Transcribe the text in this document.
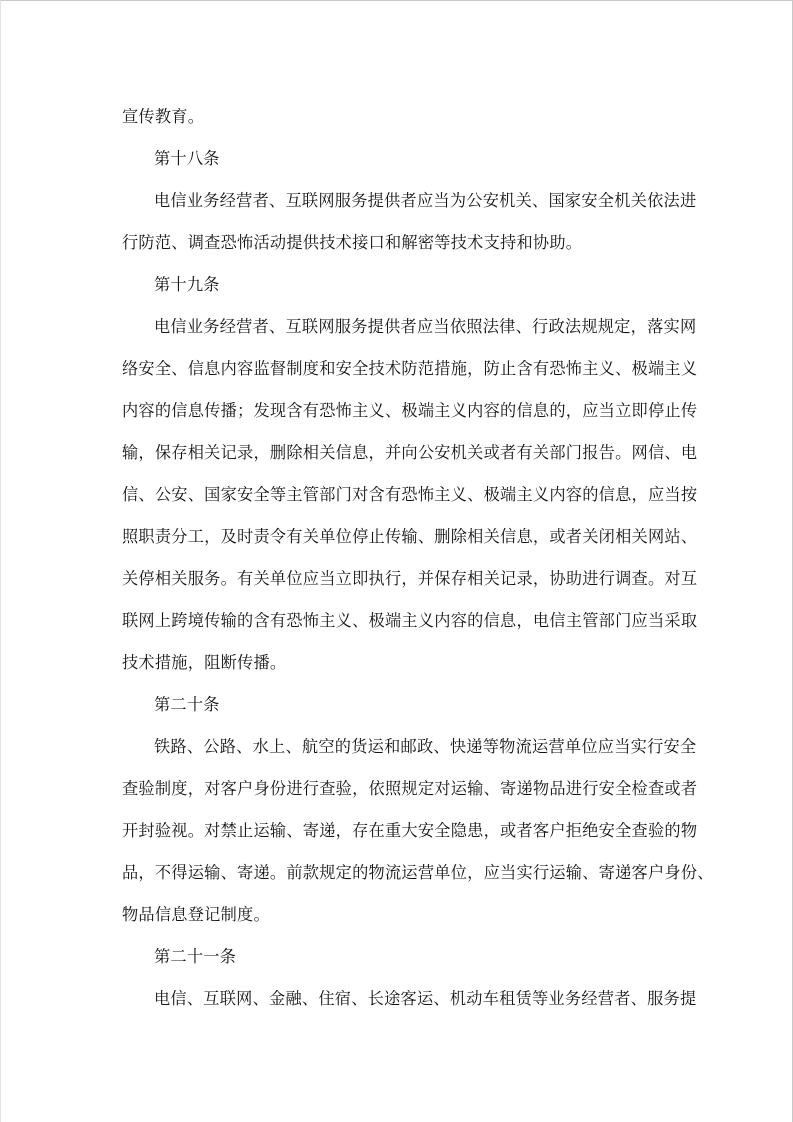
宣传教育。
第十八条
电信业务经营者、互联网服务提供者应当为公安机关、国家安全机关依法进
行防范、调查恐怖活动提供技术接口和解密等技术支持和协助。
第十九条
电信业务经营者、互联网服务提供者应当依照法律、行政法规规定，落实网
络安全、信息内容监督制度和安全技术防范措施，防止含有恐怖主义、极端主义
内容的信息传播；发现含有恐怖主义、极端主义内容的信息的，应当立即停止传
输，保存相关记录，删除相关信息，并向公安机关或者有关部门报告。网信、电
信、公安、国家安全等主管部门对含有恐怖主义、极端主义内容的信息，应当按
照职责分工，及时责令有关单位停止传输、删除相关信息，或者关闭相关网站、
关停相关服务。有关单位应当立即执行，并保存相关记录，协助进行调查。对互
联网上跨境传输的含有恐怖主义、极端主义内容的信息，电信主管部门应当采取
技术措施，阻断传播。
第二十条
铁路、公路、水上、航空的货运和邮政、快递等物流运营单位应当实行安全
查验制度，对客户身份进行查验，依照规定对运输、寄递物品进行安全检查或者
开封验视。对禁止运输、寄递，存在重大安全隐患，或者客户拒绝安全查验的物
品，不得运输、寄递。前款规定的物流运营单位，应当实行运输、寄递客户身份、
物品信息登记制度。
第二十一条
电信、互联网、金融、住宿、长途客运、机动车租赁等业务经营者、服务提
